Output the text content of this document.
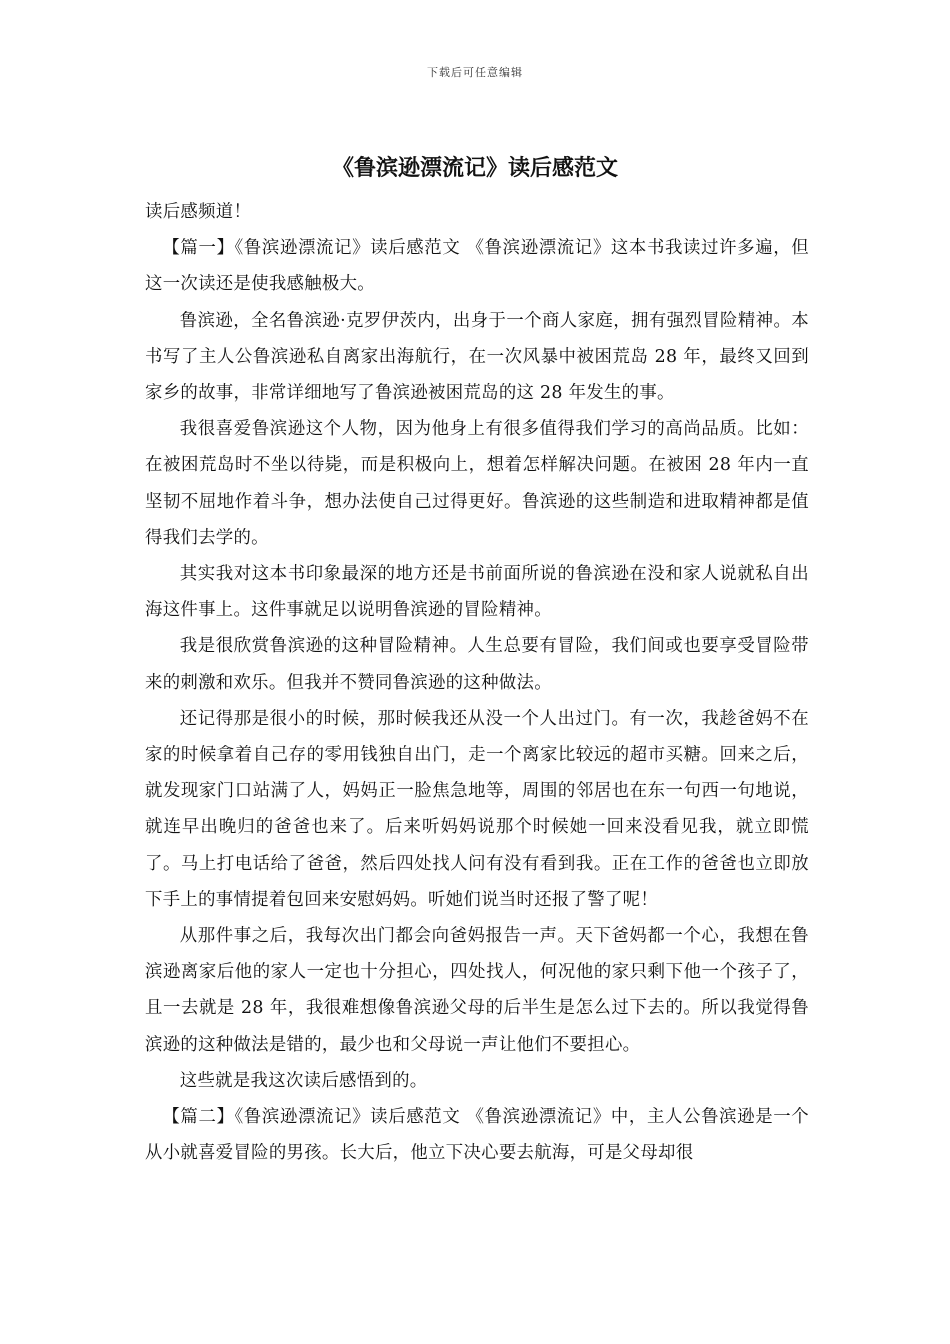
下载后可任意编辑
《鲁滨逊漂流记》读后感范文

读后感频道！

【篇一】《鲁滨逊漂流记》读后感范文 《鲁滨逊漂流记》这本书我读过许多遍，但这一次读还是使我感触极大。

鲁滨逊，全名鲁滨逊·克罗伊茨内，出身于一个商人家庭，拥有强烈冒险精神。本书写了主人公鲁滨逊私自离家出海航行，在一次风暴中被困荒岛 28 年，最终又回到家乡的故事，非常详细地写了鲁滨逊被困荒岛的这 28 年发生的事。

我很喜爱鲁滨逊这个人物，因为他身上有很多值得我们学习的高尚品质。比如：在被困荒岛时不坐以待毙，而是积极向上，想着怎样解决问题。在被困 28 年内一直坚韧不屈地作着斗争，想办法使自己过得更好。鲁滨逊的这些制造和进取精神都是值得我们去学的。

其实我对这本书印象最深的地方还是书前面所说的鲁滨逊在没和家人说就私自出海这件事上。这件事就足以说明鲁滨逊的冒险精神。

我是很欣赏鲁滨逊的这种冒险精神。人生总要有冒险，我们间或也要享受冒险带来的刺激和欢乐。但我并不赞同鲁滨逊的这种做法。

还记得那是很小的时候，那时候我还从没一个人出过门。有一次，我趁爸妈不在家的时候拿着自己存的零用钱独自出门，走一个离家比较远的超市买糖。回来之后，就发现家门口站满了人，妈妈正一脸焦急地等，周围的邻居也在东一句西一句地说，就连早出晚归的爸爸也来了。后来听妈妈说那个时候她一回来没看见我，就立即慌了。马上打电话给了爸爸，然后四处找人问有没有看到我。正在工作的爸爸也立即放下手上的事情提着包回来安慰妈妈。听她们说当时还报了警了呢！

从那件事之后，我每次出门都会向爸妈报告一声。天下爸妈都一个心，我想在鲁滨逊离家后他的家人一定也十分担心，四处找人，何况他的家只剩下他一个孩子了，且一去就是 28 年，我很难想像鲁滨逊父母的后半生是怎么过下去的。所以我觉得鲁滨逊的这种做法是错的，最少也和父母说一声让他们不要担心。

这些就是我这次读后感悟到的。

【篇二】《鲁滨逊漂流记》读后感范文 《鲁滨逊漂流记》中，主人公鲁滨逊是一个从小就喜爱冒险的男孩。长大后，他立下决心要去航海，可是父母却很
